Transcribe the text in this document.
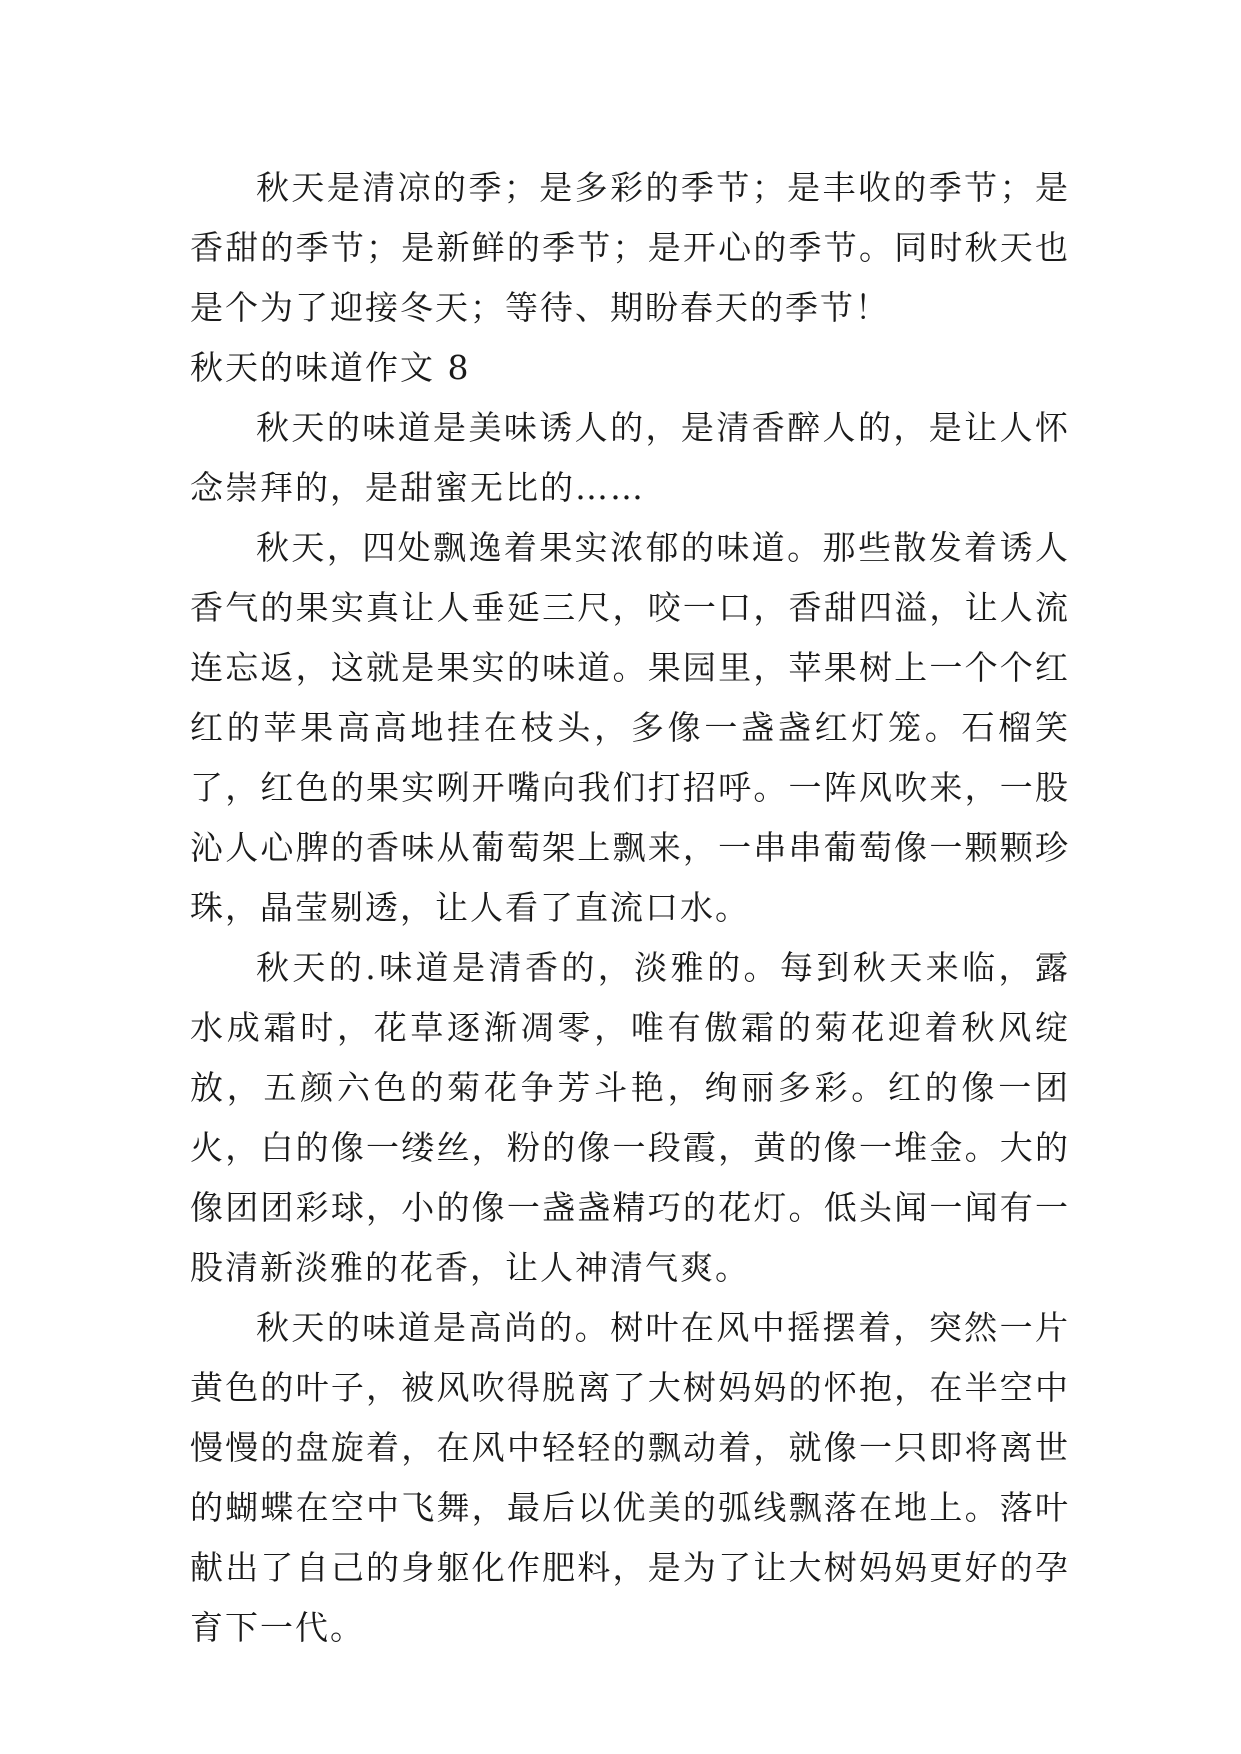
秋天是清凉的季；是多彩的季节；是丰收的季节；是香甜的季节；是新鲜的季节；是开心的季节。同时秋天也是个为了迎接冬天；等待、期盼春天的季节！

秋天的味道作文 8

秋天的味道是美味诱人的，是清香醉人的，是让人怀念崇拜的，是甜蜜无比的……

秋天，四处飘逸着果实浓郁的味道。那些散发着诱人香气的果实真让人垂延三尺，咬一口，香甜四溢，让人流连忘返，这就是果实的味道。果园里，苹果树上一个个红红的苹果高高地挂在枝头，多像一盏盏红灯笼。石榴笑了，红色的果实咧开嘴向我们打招呼。一阵风吹来，一股沁人心脾的香味从葡萄架上飘来，一串串葡萄像一颗颗珍珠，晶莹剔透，让人看了直流口水。

秋天的.味道是清香的，淡雅的。每到秋天来临，露水成霜时，花草逐渐凋零，唯有傲霜的菊花迎着秋风绽放，五颜六色的菊花争芳斗艳，绚丽多彩。红的像一团火，白的像一缕丝，粉的像一段霞，黄的像一堆金。大的像团团彩球，小的像一盏盏精巧的花灯。低头闻一闻有一股清新淡雅的花香，让人神清气爽。

秋天的味道是高尚的。树叶在风中摇摆着，突然一片黄色的叶子，被风吹得脱离了大树妈妈的怀抱，在半空中慢慢的盘旋着，在风中轻轻的飘动着，就像一只即将离世的蝴蝶在空中飞舞，最后以优美的弧线飘落在地上。落叶献出了自己的身躯化作肥料，是为了让大树妈妈更好的孕育下一代。
